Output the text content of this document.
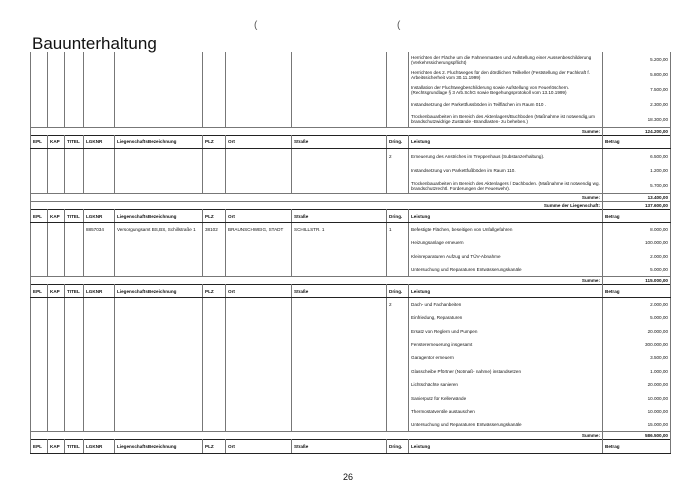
Bauunterhaltung
(	(
									Herrichten der Fläche um die Fahnenmasten und Aufstellung einer Aussenbeschilderung (Verkehrssicherungspflicht)	5.200,00
									Herrichten des 2. Fluchtweges für den dördlichen Teilkeller (Feststellung der Fachkraft f. Arbeitssicherheit vom 30.11.1999)	5.800,00
									Installation der Fluchtwegbeschilderung sowie Aufstellung von Feuerlöschern. (Rechtsgrundlage § 3 Arb.SchG sowie Begehungsprotokoll vom 13.10.1999)	7.500,00
									Instandsetzung der Parkettfussböden in Teilflächen im Raum 010 .	2.300,00
									Trockenbauarbeiten im Bereich des Aktenlagers/Buchboden (Maßnahme ist notwendig,um brandschutzwidrige Zustände -Brandlasten- zu beheben.)	18.300,00
Summe:										124.200,00
EPL	KAP	TITEL	LGKNR	LiegenschaftsBezeichnung	PLZ	Ort	Straße	Dring.	Leistung	Betrag
								2	Erneuerung des Anstriches im Treppenhaus (Substanzerhaltung).	6.500,00
									Instandsetzung von Parkettfußböden im Raum 110.	1.200,00
									Trockenbauarbeiten im Bereich des Aktenlagers / Dachboden. (Maßnahme ist notwendig wg. brandschutzrechtl. Forderungen der Feuerwehr).	5.700,00
Summe:										13.400,00
Summe der Liegenschaft:										137.600,00
EPL	KAP	TITEL	LGKNR	LiegenschaftsBezeichnung	PLZ	Ort	Straße	Dring.	Leistung	Betrag
			8857034	Versorgungsamt BS,BS, Schillstraße 1	38102	BRAUNSCHWEIG, STADT	SCHILLSTR. 1	1	Befestigte Flächen, beseitigen von Unfallgefahren	8.000,00
									Heizungsanlage erneuern	100.000,00
									Kleinreparaturen Aufzug und TÜV-Abnahme	2.000,00
									Untersuchung und Reparaturen Entwässerungskanäle	5.000,00
Summe:										115.000,00
EPL	KAP	TITEL	LGKNR	LiegenschaftsBezeichnung	PLZ	Ort	Straße	Dring.	Leistung	Betrag
								2	Dach- und Fachanbeiten	2.000,00
									Einfriedung, Reparaturen	5.000,00
									Ersatz von Reglern und Pumpen	20.000,00
									Fenstererneuerung insgesamt	300.000,00
									Garagentor erneuern	3.500,00
									Glasscheibe Pförtner (Notmaß- nahme) instandsetzen	1.000,00
									Lichtschächte sanieren	20.000,00
									Sanierputz für Kellerwände	10.000,00
									Thermostatventile austauschen	10.000,00
									Untersuchung und Reparaturen Entwässerungskanäle	15.000,00
Summe:										586.500,00
EPL	KAP	TITEL	LGKNR	LiegenschaftsBezeichnung	PLZ	Ort	Straße	Dring.	Leistung	Betrag
26
